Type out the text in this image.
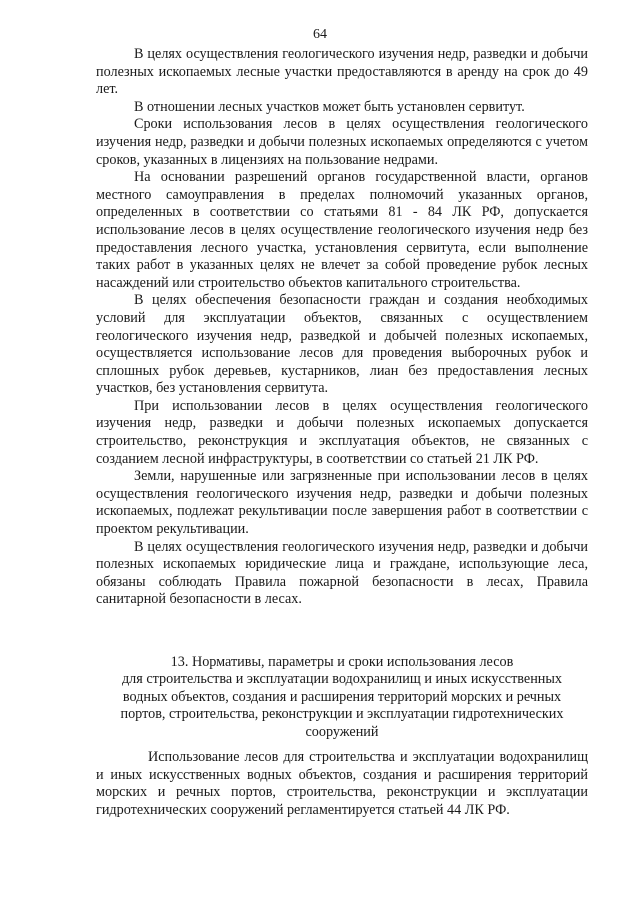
64

В целях осуществления геологического изучения недр, разведки и добычи полезных ископаемых лесные участки предоставляются в аренду на срок до 49 лет.

В отношении лесных участков может быть установлен сервитут.

Сроки использования лесов в целях осуществления геологического изучения недр, разведки и добычи полезных ископаемых определяются с учетом сроков, указанных в лицензиях на пользование недрами.

На основании разрешений органов государственной власти, органов местного самоуправления в пределах полномочий указанных органов, определенных в соответствии со статьями 81 - 84 ЛК РФ, допускается использование лесов в целях осуществление геологического изучения недр без предоставления лесного участка, установления сервитута, если выполнение таких работ в указанных целях не влечет за собой проведение рубок лесных насаждений или строительство объектов капитального строительства.

В целях обеспечения безопасности граждан и создания необходимых условий для эксплуатации объектов, связанных с осуществлением геологического изучения недр, разведкой и добычей полезных ископаемых, осуществляется использование лесов для проведения выборочных рубок и сплошных рубок деревьев, кустарников, лиан без предоставления лесных участков, без установления сервитута.

При использовании лесов в целях осуществления геологического изучения недр, разведки и добычи полезных ископаемых допускается строительство, реконструкция и эксплуатация объектов, не связанных с созданием лесной инфраструктуры, в соответствии со статьей 21 ЛК РФ.

Земли, нарушенные или загрязненные при использовании лесов в целях осуществления геологического изучения недр, разведки и добычи полезных ископаемых, подлежат рекультивации после завершения работ в соответствии с проектом рекультивации.

В целях осуществления геологического изучения недр, разведки и добычи полезных ископаемых юридические лица и граждане, использующие леса, обязаны соблюдать Правила пожарной безопасности в лесах, Правила санитарной безопасности в лесах.

13. Нормативы, параметры и сроки использования лесов
для строительства и эксплуатации водохранилищ и иных искусственных
водных объектов, создания и расширения территорий морских и речных
портов, строительства, реконструкции и эксплуатации гидротехнических
сооружений

Использование лесов для строительства и эксплуатации водохранилищ и иных искусственных водных объектов, создания и расширения территорий морских и речных портов, строительства, реконструкции и эксплуатации гидротехнических сооружений регламентируется статьей 44 ЛК РФ.
